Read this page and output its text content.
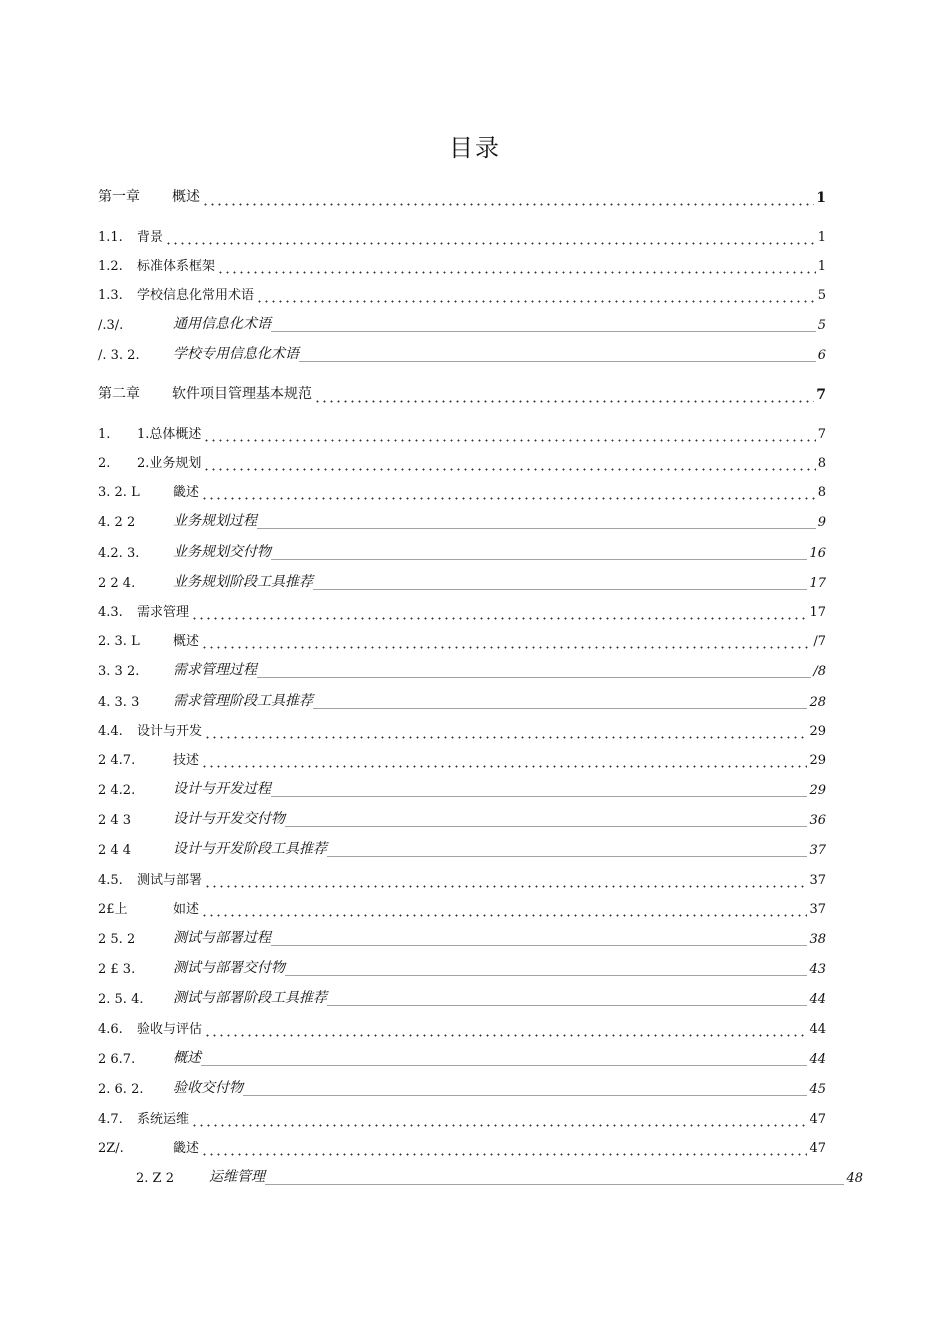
目录
第一章	概述	1
1.1.	背景	1
1.2.	标准体系框架	1
1.3.	学校信息化常用术语	5
/.3/.	通用信息化术语	5
/. 3. 2.	学校专用信息化术语	6
第二章	软件项目管理基本规范	7
1.	1.总体概述	7
2.	2.业务规划	8
3. 2. L	畿述	8
4. 2 2	业务规划过程	9
4.2. 3.	业务规划交付物	16
2 2 4.	业务规划阶段工具推荐	17
4.3.	需求管理	17
2. 3. L	概述	/7
3. 3 2.	需求管理过程	/8
4. 3. 3	需求管理阶段工具推荐	28
4.4.	设计与开发	29
2 4.7.	技述	29
2 4.2.	设计与开发过程	29
2 4 3	设计与开发交付物	36
2 4 4	设计与开发阶段工具推荐	37
4.5.	测试与部署	37
2£上	如述	37
2 5. 2	测试与部署过程	38
2 £ 3.	测试与部署交付物	43
2. 5. 4.	测试与部署阶段工具推荐	44
4.6.	验收与评估	44
2 6.7.	概述	44
2. 6. 2.	验收交付物	45
4.7.	系统运维	47
2Z/.	畿述	47
2. Z 2	运维管理	48
